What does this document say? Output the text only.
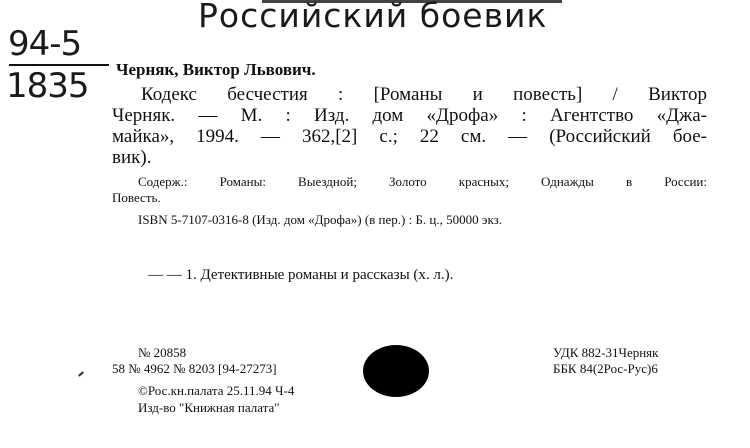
Российский боевик
94-5
1835 Черняк, Виктор Львович.
Кодекс бесчестия : [Романы и повесть] / Виктор
Черняк. — М. : Изд. дом «Дрофа» : Агентство «Джа-
майка», 1994. — 362,[2] с.; 22 см. — (Российский бое-
вик).
Содерж.: Романы: Выездной; Золото красных; Однажды в России:
Повесть.
ISBN 5-7107-0316-8 (Изд. дом «Дрофа») (в пер.) : Б. ц., 50000 экз.
— — 1. Детективные романы и рассказы (х. л.).
№ 20858
58 № 4962 № 8203 [94-27273]
©Рос.кн.палата 25.11.94 Ч-4
Изд-во "Книжная палата"
УДК 882-31Черняк
ББК 84(2Рос-Рус)6
